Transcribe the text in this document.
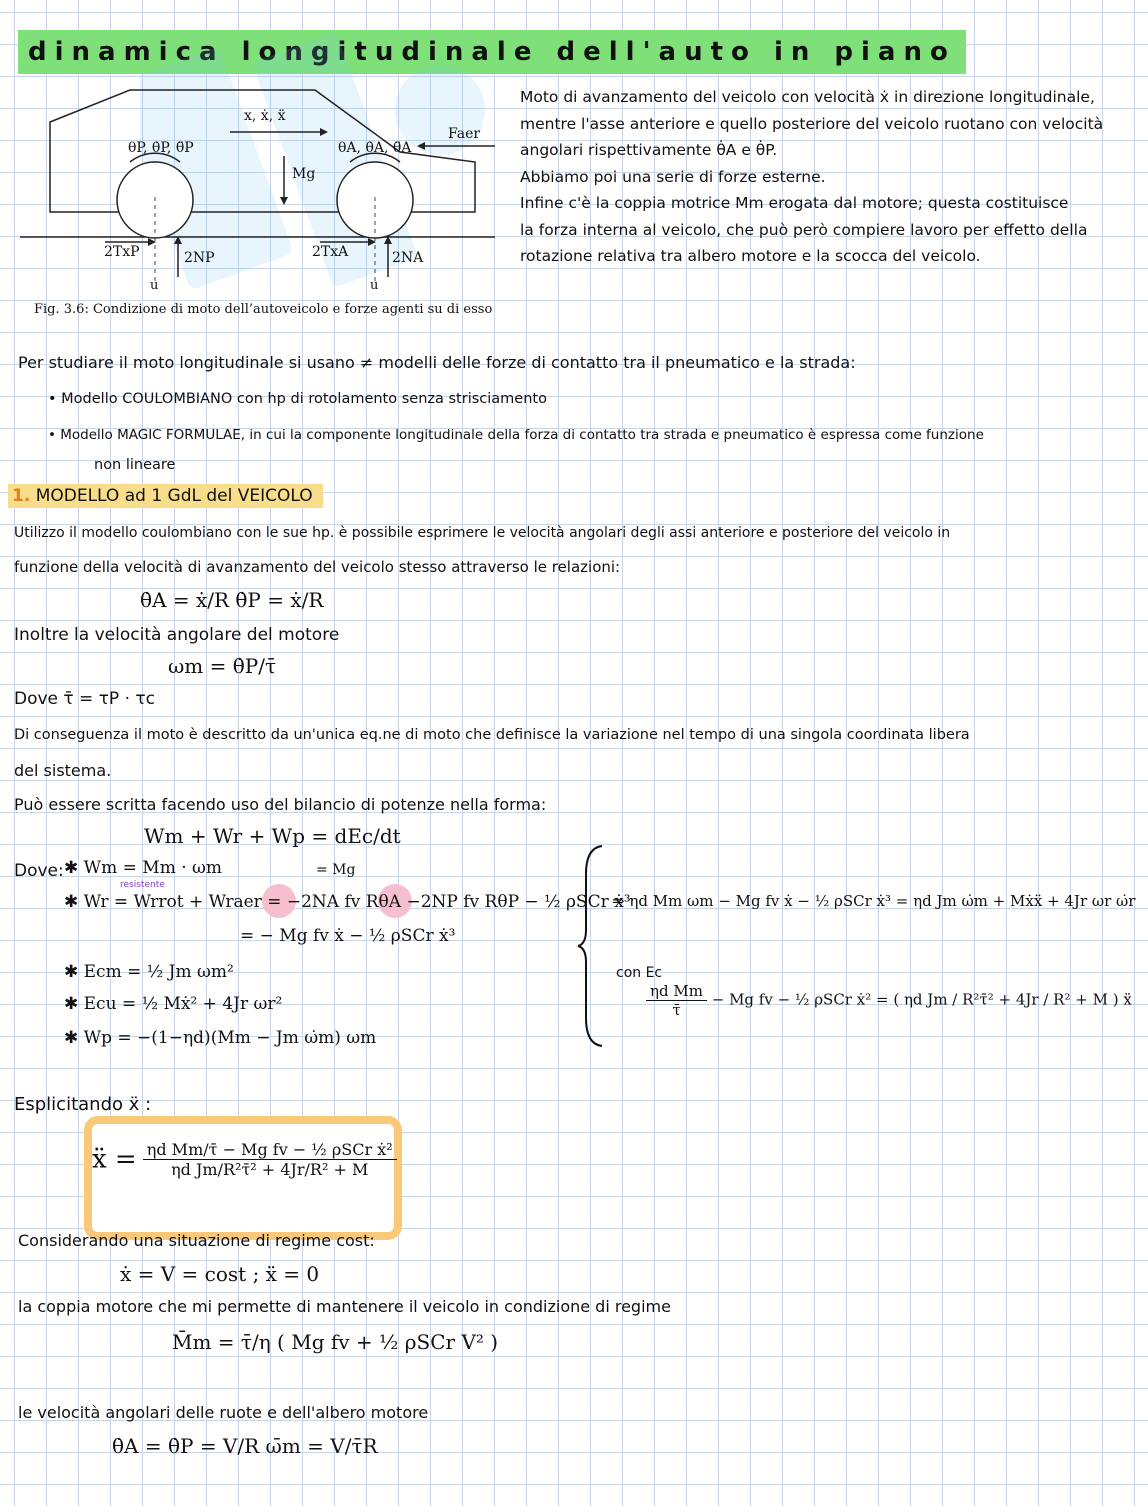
dinamica longitudinale dell'auto in piano
x, ẋ, ẍ
θP, θ̇P, θ̈P	θA, θ̇A, θ̈A
Faer
Mg
2TxP	2NP	2TxA	2NA
u	u
Fig. 3.6: Condizione di moto dell’autoveicolo e forze agenti su di esso
Moto di avanzamento del veicolo con velocità ẋ in direzione longitudinale,
mentre l'asse anteriore e quello posteriore del veicolo ruotano con velocità
angolari rispettivamente θ̇A e θ̇P.
Abbiamo poi una serie di forze esterne.
Infine c'è la coppia motrice Mm erogata dal motore; questa costituisce
la forza interna al veicolo, che può però compiere lavoro per effetto della
rotazione relativa tra albero motore e la scocca del veicolo.
Per studiare il moto longitudinale si usano ≠ modelli delle forze di contatto tra il pneumatico e la strada:
• Modello COULOMBIANO con hp di rotolamento senza strisciamento
• Modello MAGIC FORMULAE, in cui la componente longitudinale della forza di contatto tra strada e pneumatico è espressa come funzione
non lineare
1. MODELLO ad 1 GdL del VEICOLO
Utilizzo il modello coulombiano con le sue hp. è possibile esprimere le velocità angolari degli assi anteriore e posteriore del veicolo in
funzione della velocità di avanzamento del veicolo stesso attraverso le relazioni:
θ̇A = ẋ/R θ̇P = ẋ/R
Inoltre la velocità angolare del motore
ωm = θ̇P/τ̄
Dove τ̄ = τP · τc
Di conseguenza il moto è descritto da un'unica eq.ne di moto che definisce la variazione nel tempo di una singola coordinata libera
del sistema.
Può essere scritta facendo uso del bilancio di potenze nella forma:
Wm + Wr + Wp = dEc/dt
Dove: ✱ Wm = Mm · ωm	= Mg
resistente
✱ Wr = Wrrot + Wraer = −2NA fv RθA −2NP fv RθP − ½ ρSCr ẋ³
= − Mg fv ẋ − ½ ρSCr ẋ³
✱ Ecm = ½ Jm ωm²
✱ Ecu = ½ Mẋ² + 4Jr ωr²
✱ Wp = −(1−ηd)(Mm − Jm ω̇m) ωm
⇒ ηd Mm ωm − Mg fv ẋ − ½ ρSCr ẋ³ = ηd Jm ω̇m + Mẋẍ + 4Jr ωr ω̇r
con Ec
$\frac{\text{ηd Mm}}{\taū} - Mg$ fv − ½ ρSCr ẋ² = ( ηd Jm / R²τ̄² + 4Jr / R² + M ) ẍ
Esplicitando ẍ :
ẍ = $\frac{\text{ηd Mm/τ̄ − Mg fv − ½ ρSCr ẋ²}}{\text{ηd Jm/R²τ̄² + 4Jr/R² + M}}$
Considerando una situazione di regime cost:
ẋ = V = cost ; ẍ = 0
la coppia motore che mi permette di mantenere il veicolo in condizione di regime
M̄m = τ̄/η ( Mg fv + ½ ρSCr V² )
le velocità angolari delle ruote e dell'albero motore
θ̇A = θ̇P = V/R ω̄m = V/τ̄R
